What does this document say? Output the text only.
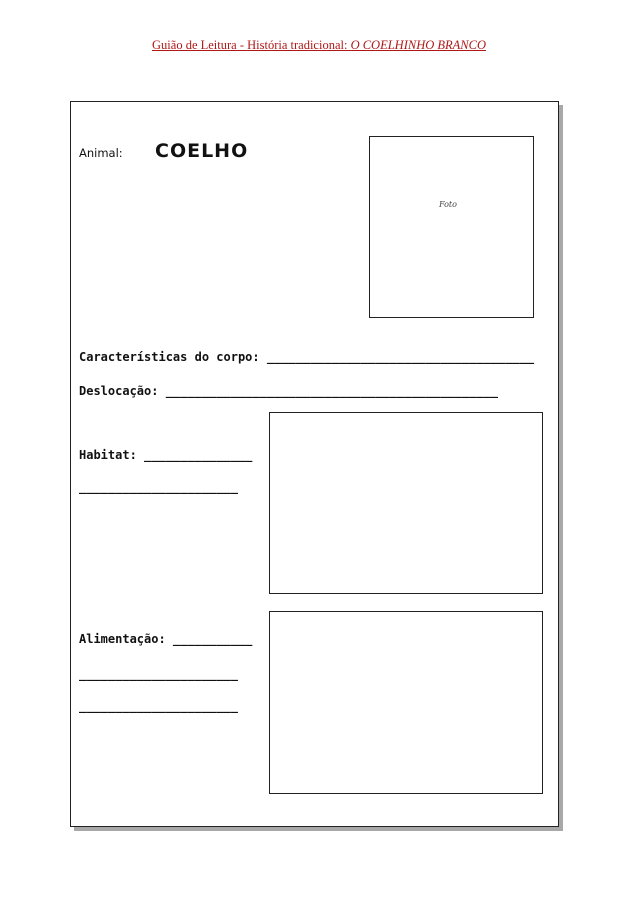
Guião de Leitura - História tradicional: O COELHINHO BRANCO
Animal: COELHO
Foto
Características do corpo: _____________________________________
Deslocação: ______________________________________________
Habitat: _______________
______________________
Alimentação: ___________
______________________
______________________
